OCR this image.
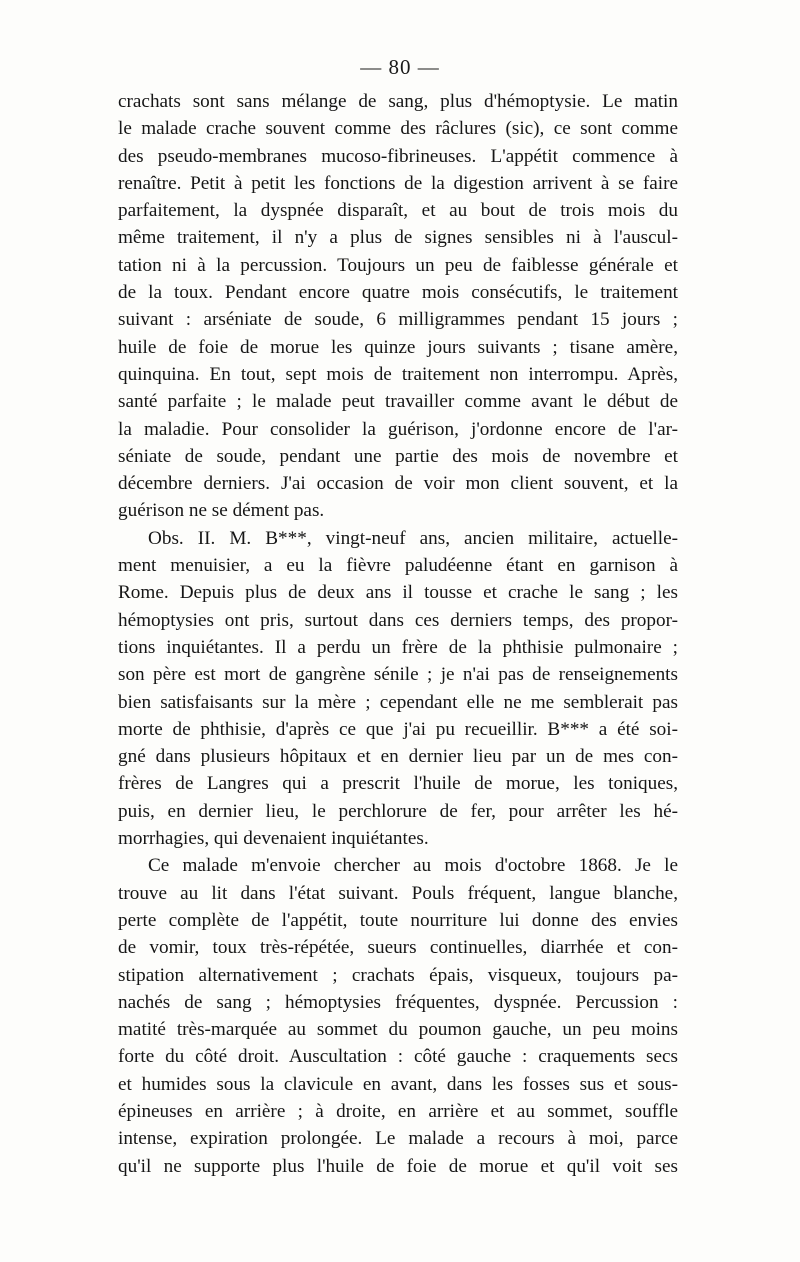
— 80 —
crachats sont sans mélange de sang, plus d'hémoptysie. Le matin
le malade crache souvent comme des râclures (sic), ce sont comme
des pseudo-membranes mucoso-fibrineuses. L'appétit commence à
renaître. Petit à petit les fonctions de la digestion arrivent à se faire
parfaitement, la dyspnée disparaît, et au bout de trois mois du
même traitement, il n'y a plus de signes sensibles ni à l'auscul-
tation ni à la percussion. Toujours un peu de faiblesse générale et
de la toux. Pendant encore quatre mois consécutifs, le traitement
suivant : arséniate de soude, 6 milligrammes pendant 15 jours ;
huile de foie de morue les quinze jours suivants ; tisane amère,
quinquina. En tout, sept mois de traitement non interrompu. Après,
santé parfaite ; le malade peut travailler comme avant le début de
la maladie. Pour consolider la guérison, j'ordonne encore de l'ar-
séniate de soude, pendant une partie des mois de novembre et
décembre derniers. J'ai occasion de voir mon client souvent, et la
guérison ne se dément pas.
Obs. II. M. B***, vingt-neuf ans, ancien militaire, actuelle-
ment menuisier, a eu la fièvre paludéenne étant en garnison à
Rome. Depuis plus de deux ans il tousse et crache le sang ; les
hémoptysies ont pris, surtout dans ces derniers temps, des propor-
tions inquiétantes. Il a perdu un frère de la phthisie pulmonaire ;
son père est mort de gangrène sénile ; je n'ai pas de renseignements
bien satisfaisants sur la mère ; cependant elle ne me semblerait pas
morte de phthisie, d'après ce que j'ai pu recueillir. B*** a été soi-
gné dans plusieurs hôpitaux et en dernier lieu par un de mes con-
frères de Langres qui a prescrit l'huile de morue, les toniques,
puis, en dernier lieu, le perchlorure de fer, pour arrêter les hé-
morrhagies, qui devenaient inquiétantes.
Ce malade m'envoie chercher au mois d'octobre 1868. Je le
trouve au lit dans l'état suivant. Pouls fréquent, langue blanche,
perte complète de l'appétit, toute nourriture lui donne des envies
de vomir, toux très-répétée, sueurs continuelles, diarrhée et con-
stipation alternativement ; crachats épais, visqueux, toujours pa-
nachés de sang ; hémoptysies fréquentes, dyspnée. Percussion :
matité très-marquée au sommet du poumon gauche, un peu moins
forte du côté droit. Auscultation : côté gauche : craquements secs
et humides sous la clavicule en avant, dans les fosses sus et sous-
épineuses en arrière ; à droite, en arrière et au sommet, souffle
intense, expiration prolongée. Le malade a recours à moi, parce
qu'il ne supporte plus l'huile de foie de morue et qu'il voit ses
